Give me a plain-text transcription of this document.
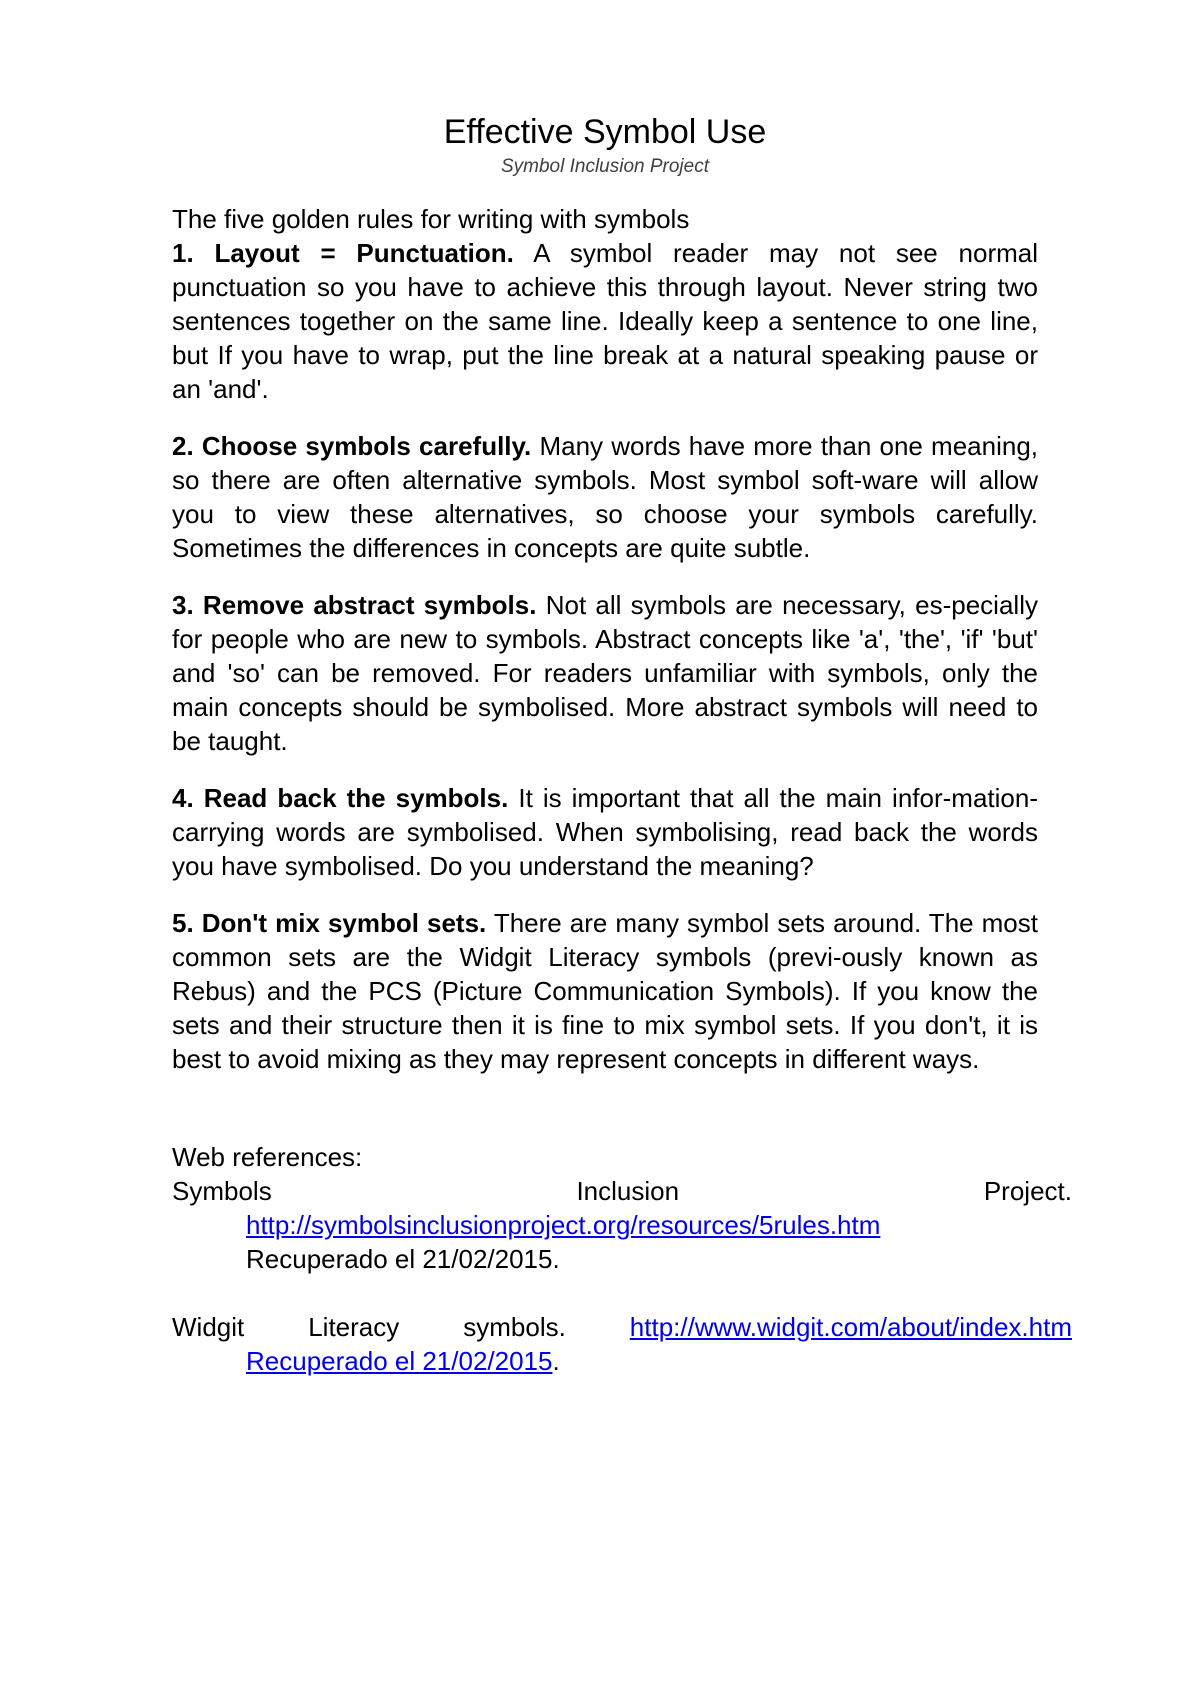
Effective Symbol Use

Symbol Inclusion Project

The five golden rules for writing with symbols

1. Layout = Punctuation. A symbol reader may not see normal punctuation so you have to achieve this through layout. Never string two sentences together on the same line. Ideally keep a sentence to one line, but If you have to wrap, put the line break at a natural speaking pause or an 'and'.

2. Choose symbols carefully. Many words have more than one meaning, so there are often alternative symbols. Most symbol soft-ware will allow you to view these alternatives, so choose your symbols carefully. Sometimes the differences in concepts are quite subtle.

3. Remove abstract symbols. Not all symbols are necessary, es-pecially for people who are new to symbols. Abstract concepts like 'a', 'the', 'if' 'but' and 'so' can be removed. For readers unfamiliar with symbols, only the main concepts should be symbolised. More abstract symbols will need to be taught.

4. Read back the symbols. It is important that all the main infor-mation-carrying words are symbolised. When symbolising, read back the words you have symbolised. Do you understand the meaning?

5. Don't mix symbol sets. There are many symbol sets around. The most common sets are the Widgit Literacy symbols (previ-ously known as Rebus) and the PCS (Picture Communication Symbols). If you know the sets and their structure then it is fine to mix symbol sets. If you don't, it is best to avoid mixing as they may represent concepts in different ways.

Web references:
Symbols	Inclusion	Project.
http://symbolsinclusionproject.org/resources/5rules.htm
Recuperado el 21/02/2015.
Widgit Literacy symbols. http://www.widgit.com/about/index.htm
Recuperado el 21/02/2015.
